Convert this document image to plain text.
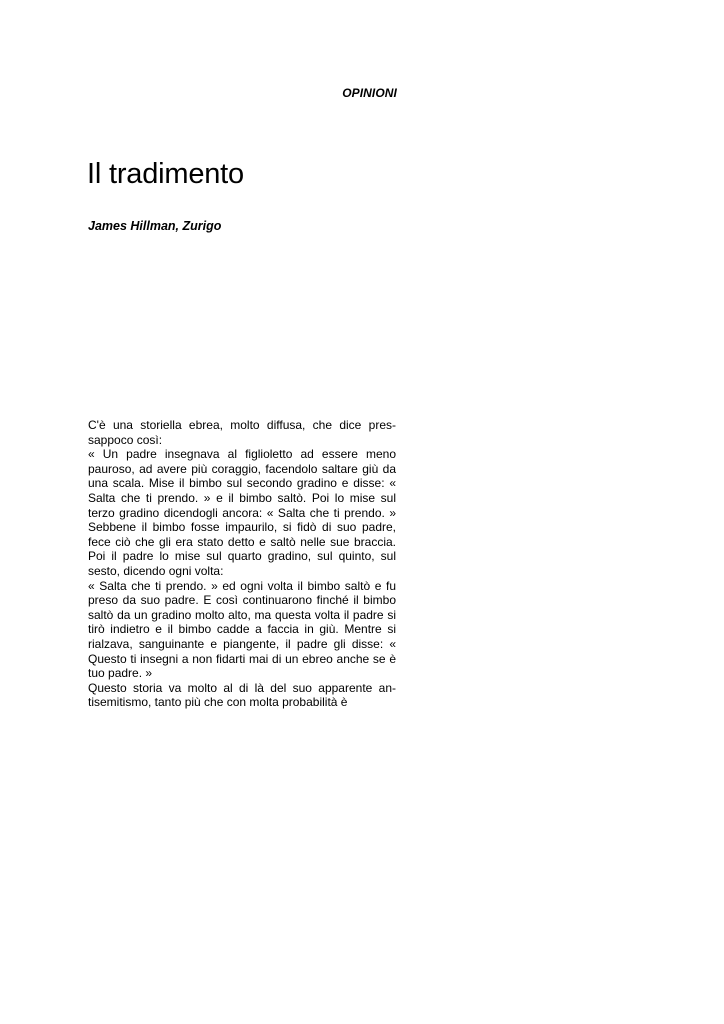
OPINIONI
Il tradimento
James Hillman, Zurigo
C'è una storiella ebrea, molto diffusa, che dice pres-
sappoco così:
« Un padre insegnava al figlioletto ad essere meno
pauroso, ad avere più coraggio, facendolo saltare giù da
una scala. Mise il bimbo sul secondo gradino e disse: «
Salta che ti prendo. » e il bimbo saltò. Poi lo mise sul
terzo gradino dicendogli ancora: « Salta che ti prendo. »
Sebbene il bimbo fosse impaurilo, si fidò di suo padre,
fece ciò che gli era stato detto e saltò nelle sue braccia.
Poi il padre lo mise sul quarto gradino, sul quinto, sul
sesto, dicendo ogni volta:
« Salta che ti prendo. » ed ogni volta il bimbo saltò e fu
preso da suo padre. E così continuarono finché il bimbo
saltò da un gradino molto alto, ma questa volta il padre si
tirò indietro e il bimbo cadde a faccia in giù. Mentre si
rialzava, sanguinante e piangente, il padre gli disse: «
Questo ti insegni a non fidarti mai di un ebreo anche se è
tuo padre. »
Questo storia va molto al di là del suo apparente an-
tisemitismo, tanto più che con molta probabilità è
